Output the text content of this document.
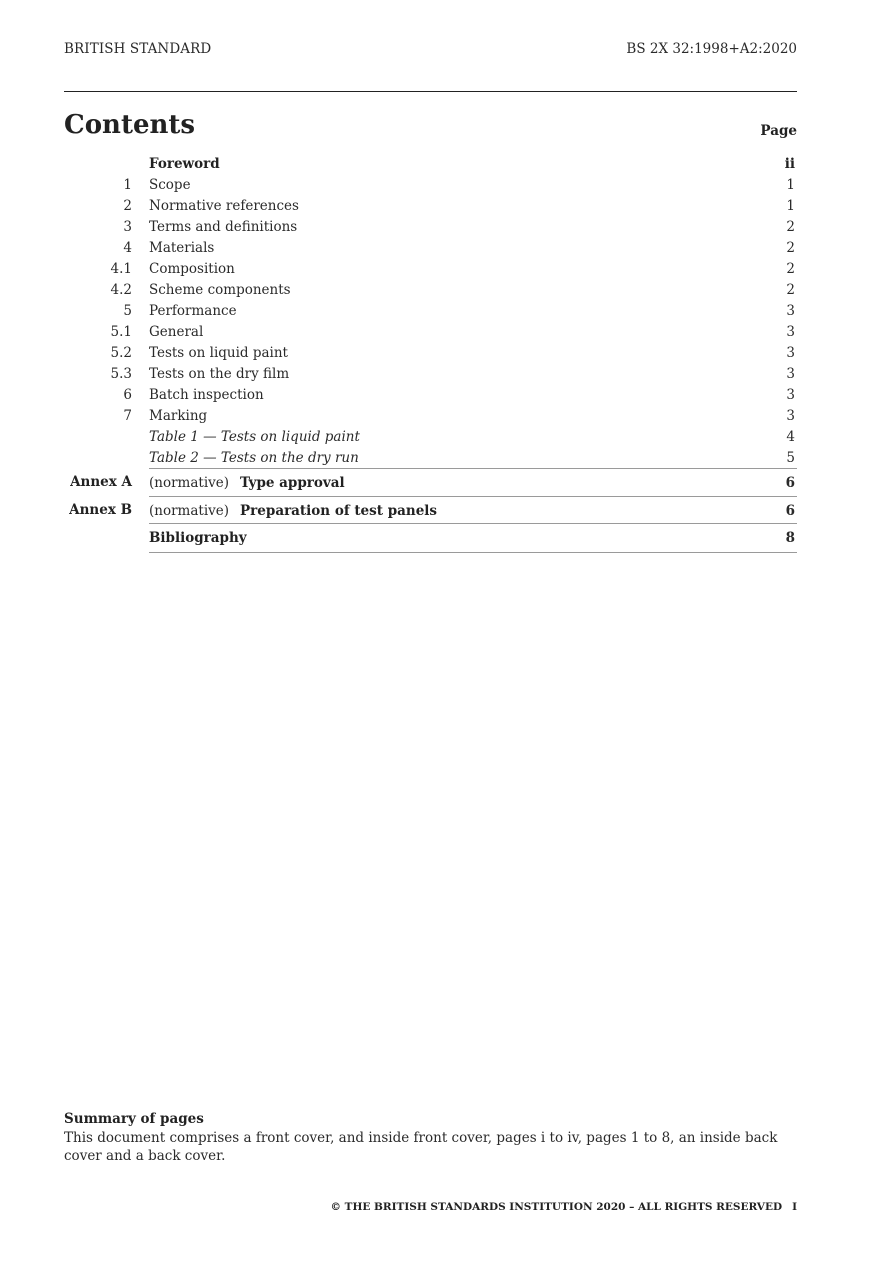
BRITISH STANDARD	BS 2X 32:1998+A2:2020
Contents	Page
Foreword	ii
1 Scope	1
2 Normative references	1
3 Terms and definitions	2
4 Materials	2
4.1 Composition	2
4.2 Scheme components	2
5 Performance	3
5.1 General	3
5.2 Tests on liquid paint	3
5.3 Tests on the dry film	3
6 Batch inspection	3
7 Marking	3
Table 1 — Tests on liquid paint	4
Table 2 — Tests on the dry run	5
Annex A (normative) Type approval	6
Annex B (normative) Preparation of test panels	6
Bibliography	8
Summary of pages
This document comprises a front cover, and inside front cover, pages i to iv, pages 1 to 8, an inside back cover and a back cover.
© THE BRITISH STANDARDS INSTITUTION 2020 – ALL RIGHTS RESERVED I
